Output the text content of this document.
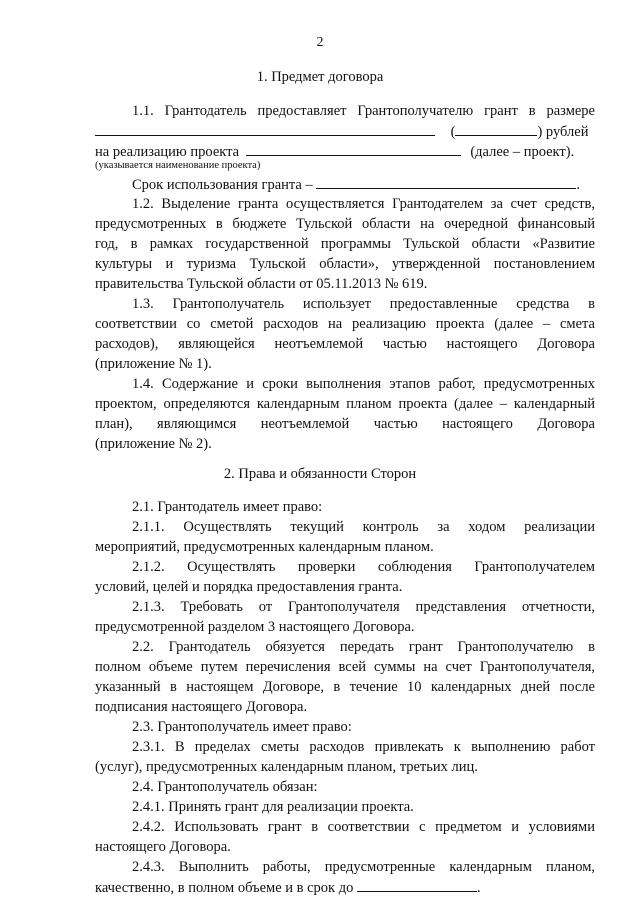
2
1. Предмет договора
1.1. Грантодатель предоставляет Грантополучателю грант в размере
(	) рублей
на реализацию проекта	(далее – проект).
(указывается наименование проекта)
Срок использования гранта –	.
1.2. Выделение гранта осуществляется Грантодателем за счет средств,
предусмотренных в бюджете Тульской области на очередной финансовый
год, в рамках государственной программы Тульской области «Развитие
культуры и туризма Тульской области», утвержденной постановлением
правительства Тульской области от 05.11.2013 № 619.
1.3. Грантополучатель использует предоставленные средства в
соответствии со сметой расходов на реализацию проекта (далее – смета
расходов), являющейся неотъемлемой частью настоящего Договора
(приложение № 1).
1.4. Содержание и сроки выполнения этапов работ, предусмотренных
проектом, определяются календарным планом проекта (далее – календарный
план), являющимся неотъемлемой частью настоящего Договора
(приложение № 2).
2. Права и обязанности Сторон
2.1. Грантодатель имеет право:
2.1.1. Осуществлять текущий контроль за ходом реализации
мероприятий, предусмотренных календарным планом.
2.1.2. Осуществлять проверки соблюдения Грантополучателем
условий, целей и порядка предоставления гранта.
2.1.3. Требовать от Грантополучателя представления отчетности,
предусмотренной разделом 3 настоящего Договора.
2.2. Грантодатель обязуется передать грант Грантополучателю в
полном объеме путем перечисления всей суммы на счет Грантополучателя,
указанный в настоящем Договоре, в течение 10 календарных дней после
подписания настоящего Договора.
2.3. Грантополучатель имеет право:
2.3.1. В пределах сметы расходов привлекать к выполнению работ
(услуг), предусмотренных календарным планом, третьих лиц.
2.4. Грантополучатель обязан:
2.4.1. Принять грант для реализации проекта.
2.4.2. Использовать грант в соответствии с предметом и условиями
настоящего Договора.
2.4.3. Выполнить работы, предусмотренные календарным планом,
качественно, в полном объеме и в срок до	.
